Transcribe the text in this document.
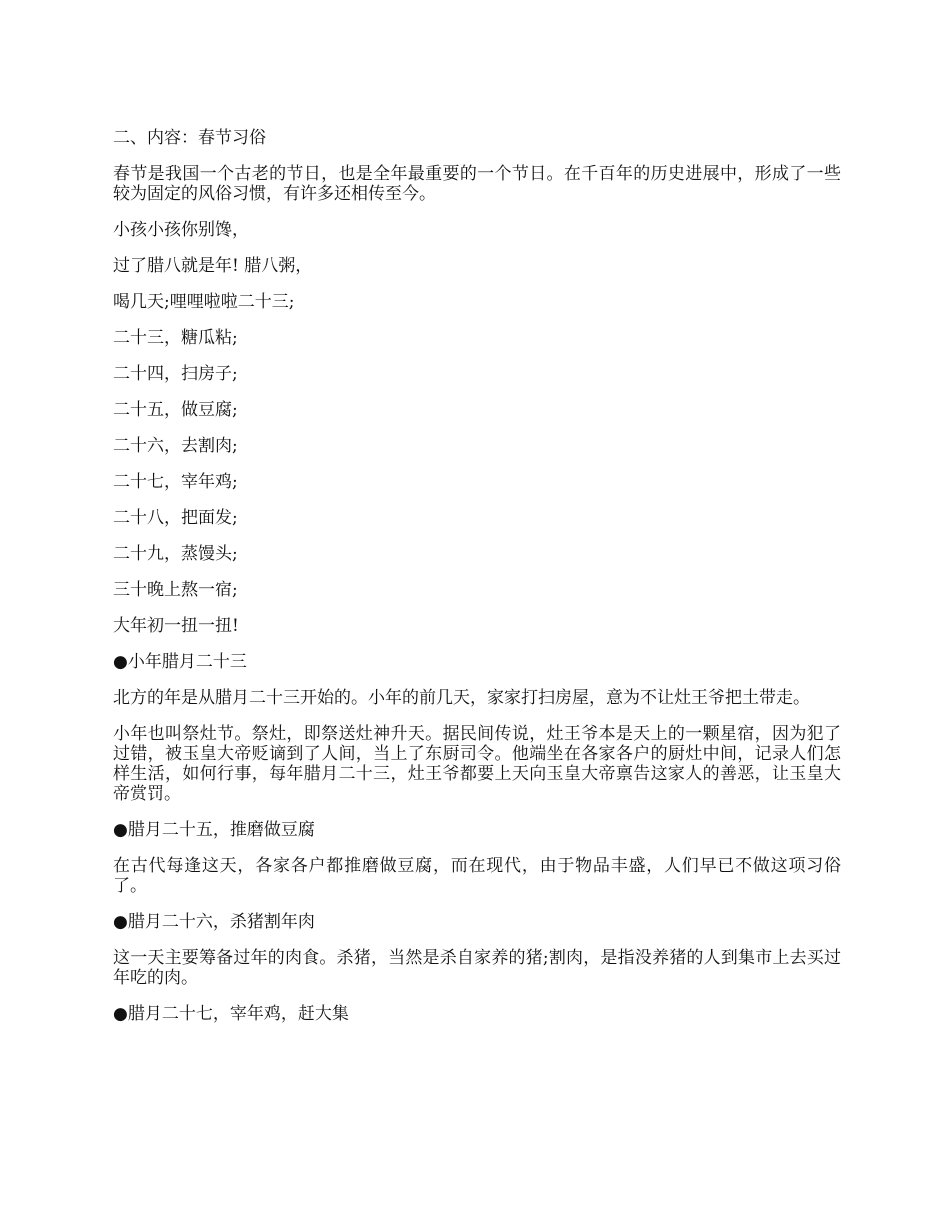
二、内容：春节习俗

春节是我国一个古老的节日，也是全年最重要的一个节日。在千百年的历史进展中，形成了一些较为固定的风俗习惯，有许多还相传至今。

小孩小孩你别馋，

过了腊八就是年! 腊八粥，

喝几天;哩哩啦啦二十三;

二十三，糖瓜粘;

二十四，扫房子;

二十五，做豆腐;

二十六，去割肉;

二十七，宰年鸡;

二十八，把面发;

二十九，蒸馒头;

三十晚上熬一宿;

大年初一扭一扭!

●小年腊月二十三

北方的年是从腊月二十三开始的。小年的前几天，家家打扫房屋，意为不让灶王爷把土带走。

小年也叫祭灶节。祭灶，即祭送灶神升天。据民间传说，灶王爷本是天上的一颗星宿，因为犯了过错，被玉皇大帝贬谪到了人间，当上了东厨司令。他端坐在各家各户的厨灶中间，记录人们怎样生活，如何行事，每年腊月二十三，灶王爷都要上天向玉皇大帝禀告这家人的善恶，让玉皇大帝赏罚。

●腊月二十五，推磨做豆腐

在古代每逢这天，各家各户都推磨做豆腐，而在现代，由于物品丰盛，人们早已不做这项习俗了。

●腊月二十六，杀猪割年肉

这一天主要筹备过年的肉食。杀猪，当然是杀自家养的猪;割肉，是指没养猪的人到集市上去买过年吃的肉。

●腊月二十七，宰年鸡，赶大集
